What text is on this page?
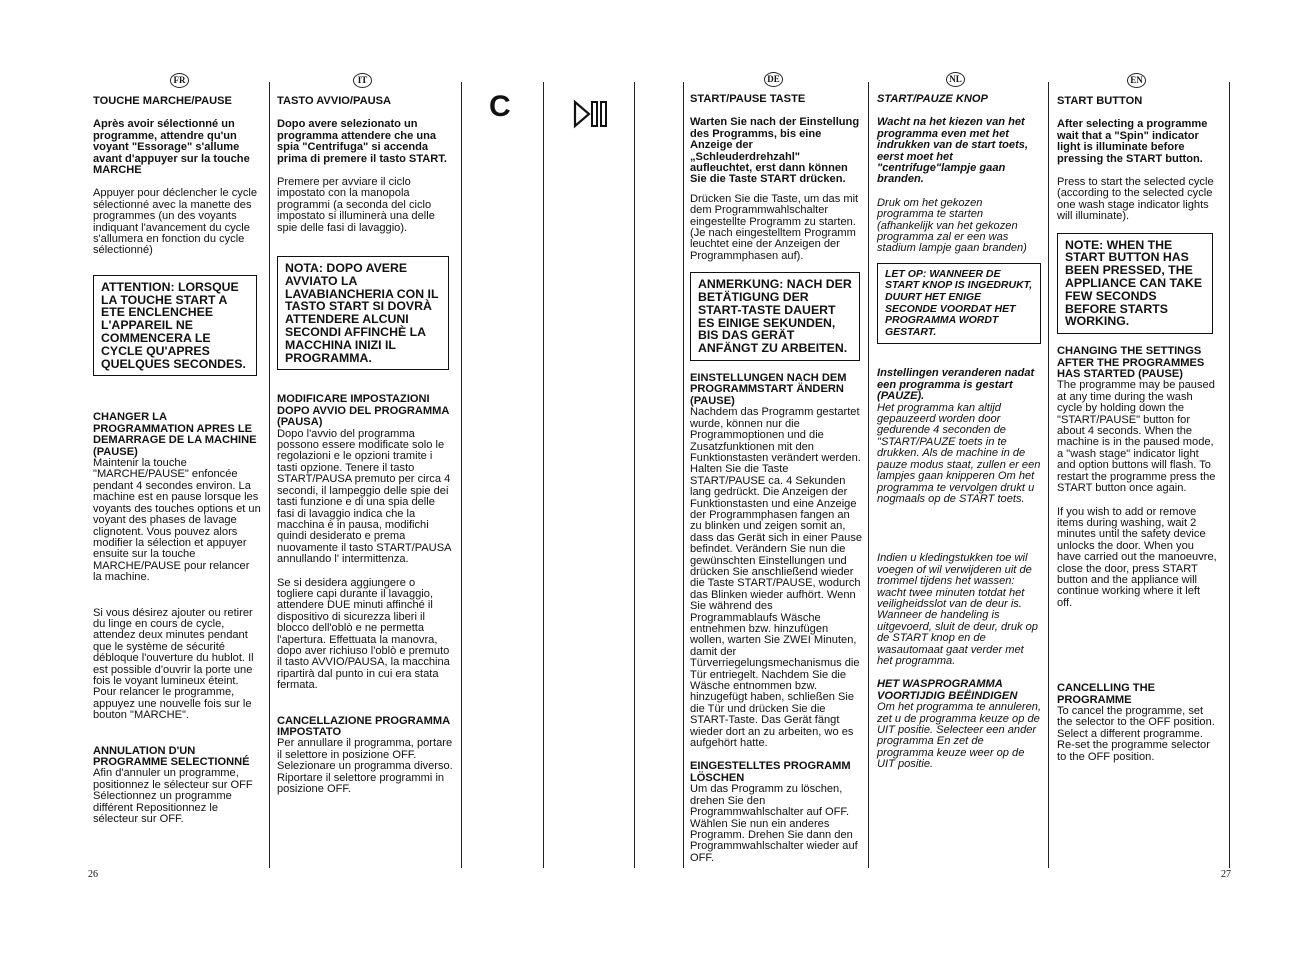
FR	IT	DE	NL	EN
C

TOUCHE MARCHE/PAUSE

Après avoir sélectionné un programme, attendre qu'un voyant "Essorage" s'allume avant d'appuyer sur la touche MARCHE

Appuyer pour déclencher le cycle sélectionné avec la manette des programmes (un des voyants indiquant l'avancement du cycle s'allumera en fonction du cycle sélectionné)

ATTENTION: LORSQUE LA TOUCHE START A ETE ENCLENCHEE L'APPAREIL NE COMMENCERA LE CYCLE QU'APRES QUELQUES SECONDES.

CHANGER LA PROGRAMMATION APRES LE DEMARRAGE DE LA MACHINE (PAUSE)

Maintenir la touche "MARCHE/PAUSE" enfoncée pendant 4 secondes environ. La machine est en pause lorsque les voyants des touches options et un voyant des phases de lavage clignotent. Vous pouvez alors modifier la sélection et appuyer ensuite sur la touche MARCHE/PAUSE pour relancer la machine.

Si vous désirez ajouter ou retirer du linge en cours de cycle, attendez deux minutes pendant que le système de sécurité débloque l'ouverture du hublot. Il est possible d'ouvrir la porte une fois le voyant lumineux éteint. Pour relancer le programme, appuyez une nouvelle fois sur le bouton "MARCHE".

ANNULATION D'UN PROGRAMME SELECTIONNÉ

Afin d'annuler un programme, positionnez le sélecteur sur OFF Sélectionnez un programme différent Repositionnez le sélecteur sur OFF.

TASTO AVVIO/PAUSA

Dopo avere selezionato un programma attendere che una spia "Centrifuga" si accenda prima di premere il tasto START.

Premere per avviare il ciclo impostato con la manopola programmi (a seconda del ciclo impostato si illuminerà una delle spie delle fasi di lavaggio).

NOTA: DOPO AVERE AVVIATO LA LAVABIANCHERIA CON IL TASTO START SI DOVRÀ ATTENDERE ALCUNI SECONDI AFFINCHÈ LA MACCHINA INIZI IL PROGRAMMA.

MODIFICARE IMPOSTAZIONI DOPO AVVIO DEL PROGRAMMA (PAUSA)

Dopo l'avvio del programma possono essere modificate solo le regolazioni e le opzioni tramite i tasti opzione. Tenere il tasto START/PAUSA premuto per circa 4 secondi, il lampeggio delle spie dei tasti funzione e di una spia delle fasi di lavaggio indica che la macchina è in pausa, modifichi quindi desiderato e prema nuovamente il tasto START/PAUSA annullando l' intermittenza.

Se si desidera aggiungere o togliere capi durante il lavaggio, attendere DUE minuti affinché il dispositivo di sicurezza liberi il blocco dell'oblò e ne permetta l'apertura. Effettuata la manovra, dopo aver richiuso l'oblò e premuto il tasto AVVIO/PAUSA, la macchina ripartirà dal punto in cui era stata fermata.

CANCELLAZIONE PROGRAMMA IMPOSTATO

Per annullare il programma, portare il selettore in posizione OFF. Selezionare un programma diverso. Riportare il selettore programmi in posizione OFF.

START/PAUSE TASTE

Warten Sie nach der Einstellung des Programms, bis eine Anzeige der „Schleuderdrehzahl" aufleuchtet, erst dann können Sie die Taste START drücken.

Drücken Sie die Taste, um das mit dem Programmwahlschalter eingestellte Programm zu starten. (Je nach eingestelltem Programm leuchtet eine der Anzeigen der Programmphasen auf).

ANMERKUNG: NACH DER BETÄTIGUNG DER START-TASTE DAUERT ES EINIGE SEKUNDEN, BIS DAS GERÄT ANFÄNGT ZU ARBEITEN.

EINSTELLUNGEN NACH DEM PROGRAMMSTART ÄNDERN (PAUSE)

Nachdem das Programm gestartet wurde, können nur die Programmoptionen und die Zusatzfunktionen mit den Funktionstasten verändert werden. Halten Sie die Taste START/PAUSE ca. 4 Sekunden lang gedrückt. Die Anzeigen der Funktionstasten und eine Anzeige der Programmphasen fangen an zu blinken und zeigen somit an, dass das Gerät sich in einer Pause befindet. Verändern Sie nun die gewünschten Einstellungen und drücken Sie anschließend wieder die Taste START/PAUSE, wodurch das Blinken wieder aufhört. Wenn Sie während des Programmablaufs Wäsche entnehmen bzw. hinzufügen wollen, warten Sie ZWEI Minuten, damit der Türverriegelungsmechanismus die Tür entriegelt. Nachdem Sie die Wäsche entnommen bzw. hinzugefügt haben, schließen Sie die Tür und drücken Sie die START-Taste. Das Gerät fängt wieder dort an zu arbeiten, wo es aufgehört hatte.

EINGESTELLTES PROGRAMM LÖSCHEN

Um das Programm zu löschen, drehen Sie den Programmwahlschalter auf OFF. Wählen Sie nun ein anderes Programm. Drehen Sie dann den Programmwahlschalter wieder auf OFF.

START/PAUZE KNOP

Wacht na het kiezen van het programma even met het indrukken van de start toets, eerst moet het "centrifuge"lampje gaan branden.

Druk om het gekozen programma te starten (afhankelijk van het gekozen programma zal er een was stadium lampje gaan branden)

LET OP: WANNEER DE START KNOP IS INGEDRUKT, DUURT HET ENIGE SECONDE VOORDAT HET PROGRAMMA WORDT GESTART.

Instellingen veranderen nadat een programma is gestart (PAUZE).

Het programma kan altijd gepauzeerd worden door gedurende 4 seconden de "START/PAUZE toets in te drukken. Als de machine in de pauze modus staat, zullen er een lampjes gaan knipperen Om het programma te vervolgen drukt u nogmaals op de START toets.

Indien u kledingstukken toe wil voegen of wil verwijderen uit de trommel tijdens het wassen: wacht twee minuten totdat het veiligheidsslot van de deur is. Wanneer de handeling is uitgevoerd, sluit de deur, druk op de START knop en de wasautomaat gaat verder met het programma.

HET WASPROGRAMMA VOORTIJDIG BEËINDIGEN

Om het programma te annuleren, zet u de programma keuze op de UIT positie. Selecteer een ander programma En zet de programma keuze weer op de UIT positie.

START BUTTON

After selecting a programme wait that a "Spin" indicator light is illuminate before pressing the START button.

Press to start the selected cycle (according to the selected cycle one wash stage indicator lights will illuminate).

NOTE: WHEN THE START BUTTON HAS BEEN PRESSED, THE APPLIANCE CAN TAKE FEW SECONDS BEFORE STARTS WORKING.

CHANGING THE SETTINGS AFTER THE PROGRAMMES HAS STARTED (PAUSE)

The programme may be paused at any time during the wash cycle by holding down the "START/PAUSE" button for about 4 seconds. When the machine is in the paused mode, a "wash stage" indicator light and option buttons will flash. To restart the programme press the START button once again.

If you wish to add or remove items during washing, wait 2 minutes until the safety device unlocks the door. When you have carried out the manoeuvre, close the door, press START button and the appliance will continue working where it left off.

CANCELLING THE PROGRAMME

To cancel the programme, set the selector to the OFF position. Select a different programme. Re-set the programme selector to the OFF position.

26	27
